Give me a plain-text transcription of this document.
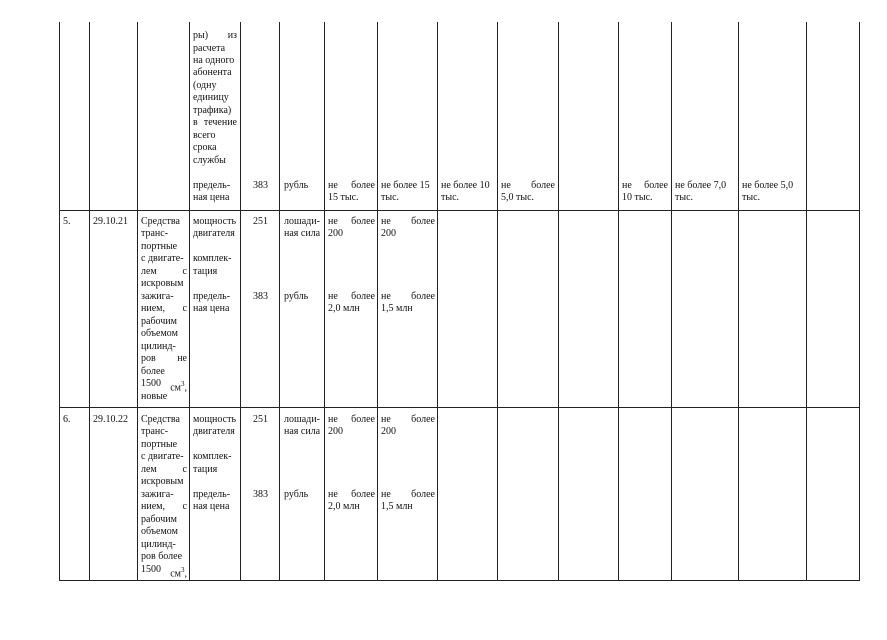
ры) из
расчета
на одного
абонента
(одну
единицу
трафика)
в течение
всего
срока
службы
предель-
ная цена
383 рубль не более
15 тыс.
не более 15
тыс.
не более 10
тыс.
не более
5,0 тыс.
не более
10 тыс.
не более 7,0
тыс.
не более 5,0
тыс.
5. 29.10.21 Средства
транс-
портные
с двигате-
лем	с
искровым
зажига-
нием, с
рабочим
объемом
цилинд-
ров не
более
1500 $см^3$,
новые
мощность
двигателя
комплек-
тация
предель-
ная цена
251
383
лошади-
ная сила
рубль
не более
200
не более
2,0 млн
не более
200
не более
1,5 млн
6. 29.10.22 Средства
транс-
портные
с двигате-
лем	с
искровым
зажига-
нием, с
рабочим
объемом
цилинд-
ров более
1500 $см^3$,
мощность
двигателя
комплек-
тация
предель-
ная цена
251
383
лошади-
ная сила
рубль
не более
200
не более
2,0 млн
не более
200
не более
1,5 млн
